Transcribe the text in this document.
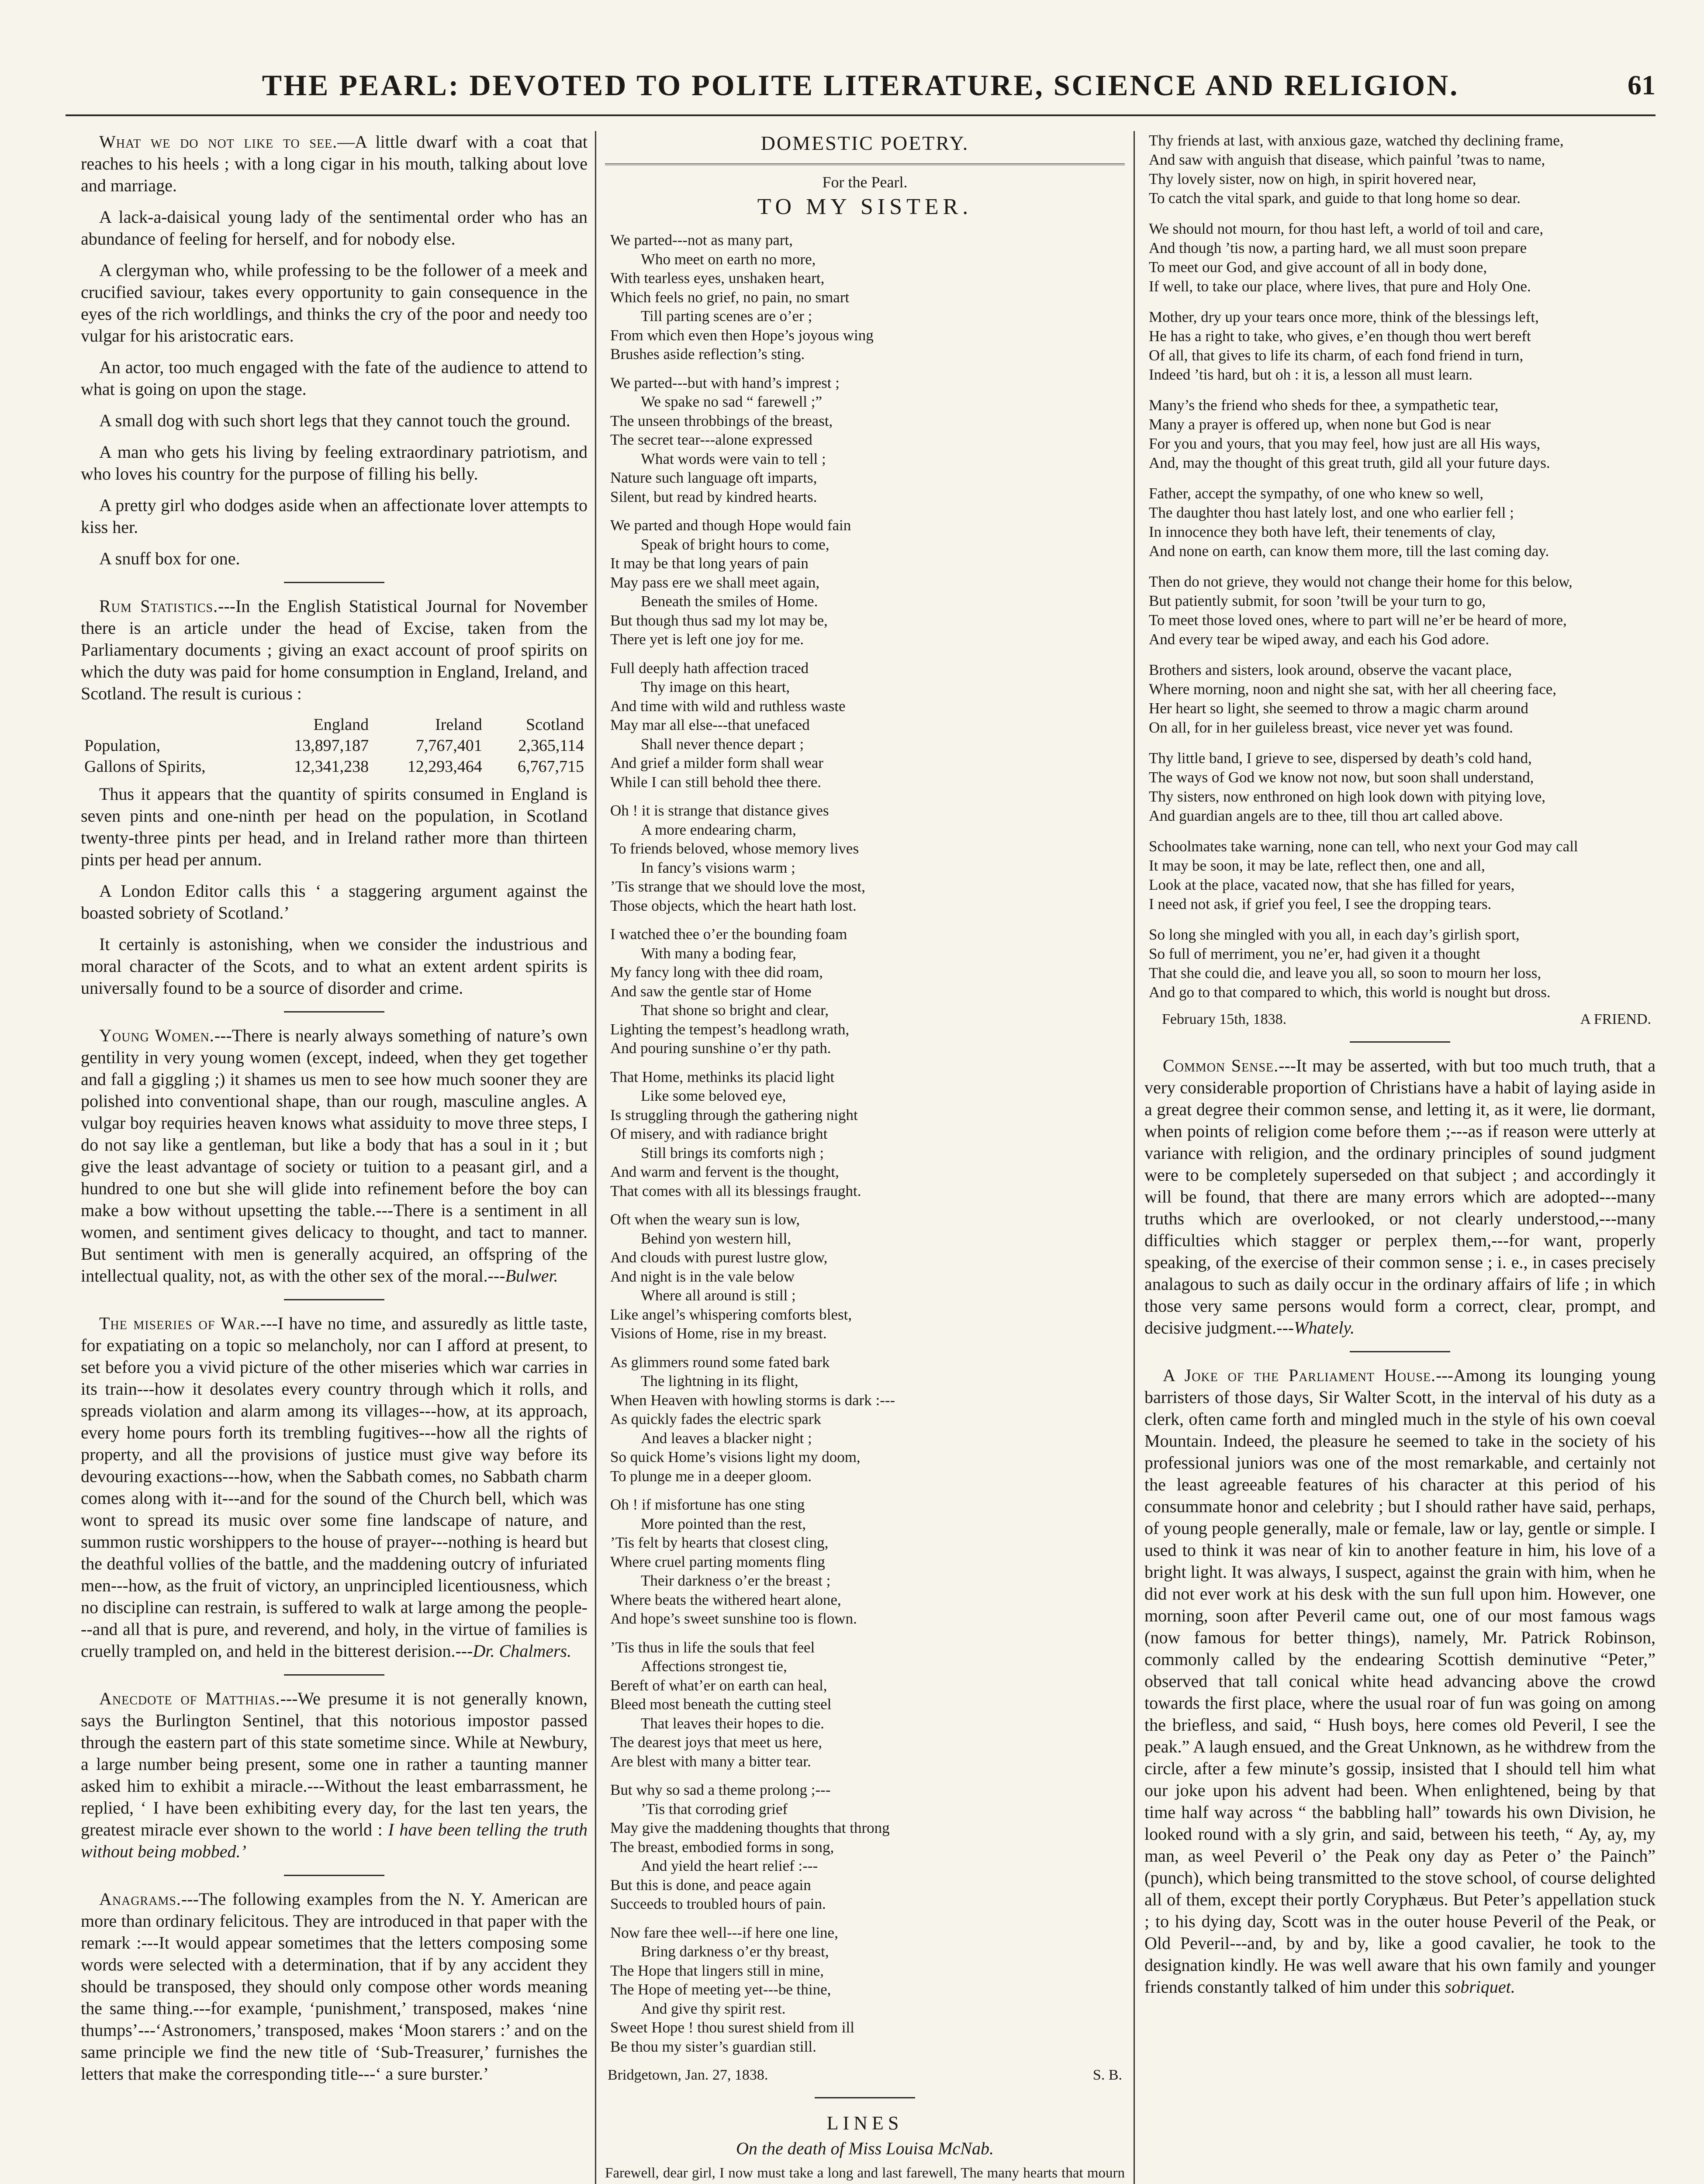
THE PEARL: DEVOTED TO POLITE LITERATURE, SCIENCE AND RELIGION.	61

What we do not like to see.—A little dwarf with a coat that reaches to his heels ; with a long cigar in his mouth, talking about love and marriage.

A lack-a-daisical young lady of the sentimental order who has an abundance of feeling for herself, and for nobody else.

A clergyman who, while professing to be the follower of a meek and crucified saviour, takes every opportunity to gain consequence in the eyes of the rich worldlings, and thinks the cry of the poor and needy too vulgar for his aristocratic ears.

An actor, too much engaged with the fate of the audience to attend to what is going on upon the stage.

A small dog with such short legs that they cannot touch the ground.

A man who gets his living by feeling extraordinary patriotism, and who loves his country for the purpose of filling his belly.

A pretty girl who dodges aside when an affectionate lover attempts to kiss her.

A snuff box for one.

Rum Statistics.---In the English Statistical Journal for November there is an article under the head of Excise, taken from the Parliamentary documents ; giving an exact account of proof spirits on which the duty was paid for home consumption in England, Ireland, and Scotland. The result is curious :

	England	Ireland	Scotland
Population,	13,897,187	7,767,401	2,365,114
Gallons of Spirits,	12,341,238	12,293,464	6,767,715

Thus it appears that the quantity of spirits consumed in England is seven pints and one-ninth per head on the population, in Scotland twenty-three pints per head, and in Ireland rather more than thirteen pints per head per annum.

A London Editor calls this ‘ a staggering argument against the boasted sobriety of Scotland.’

It certainly is astonishing, when we consider the industrious and moral character of the Scots, and to what an extent ardent spirits is universally found to be a source of disorder and crime.

Young Women.---There is nearly always something of nature’s own gentility in very young women (except, indeed, when they get together and fall a giggling ;) it shames us men to see how much sooner they are polished into conventional shape, than our rough, masculine angles. A vulgar boy requiries heaven knows what assiduity to move three steps, I do not say like a gentleman, but like a body that has a soul in it ; but give the least advantage of society or tuition to a peasant girl, and a hundred to one but she will glide into refinement before the boy can make a bow without upsetting the table.---There is a sentiment in all women, and sentiment gives delicacy to thought, and tact to manner. But sentiment with men is generally acquired, an offspring of the intellectual quality, not, as with the other sex of the moral.---Bulwer.

The miseries of War.---I have no time, and assuredly as little taste, for expatiating on a topic so melancholy, nor can I afford at present, to set before you a vivid picture of the other miseries which war carries in its train---how it desolates every country through which it rolls, and spreads violation and alarm among its villages---how, at its approach, every home pours forth its trembling fugitives---how all the rights of property, and all the provisions of justice must give way before its devouring exactions---how, when the Sabbath comes, no Sabbath charm comes along with it---and for the sound of the Church bell, which was wont to spread its music over some fine landscape of nature, and summon rustic worshippers to the house of prayer---nothing is heard but the deathful vollies of the battle, and the maddening outcry of infuriated men---how, as the fruit of victory, an unprincipled licentiousness, which no discipline can restrain, is suffered to walk at large among the people---and all that is pure, and reverend, and holy, in the virtue of families is cruelly trampled on, and held in the bitterest derision.---Dr. Chalmers.

Anecdote of Matthias.---We presume it is not generally known, says the Burlington Sentinel, that this notorious impostor passed through the eastern part of this state sometime since. While at Newbury, a large number being present, some one in rather a taunting manner asked him to exhibit a miracle.---Without the least embarrassment, he replied, ‘ I have been exhibiting every day, for the last ten years, the greatest miracle ever shown to the world : I have been telling the truth without being mobbed.’

Anagrams.---The following examples from the N. Y. American are more than ordinary felicitous. They are introduced in that paper with the remark :---It would appear sometimes that the letters composing some words were selected with a determination, that if by any accident they should be transposed, they should only compose other words meaning the same thing.---for example, ‘punishment,’ transposed, makes ‘nine thumps’---‘Astronomers,’ transposed, makes ‘Moon starers :’ and on the same principle we find the new title of ‘Sub-Treasurer,’ furnishes the letters that make the corresponding title---‘ a sure burster.’

DOMESTIC POETRY.
For the Pearl.
TO MY SISTER.
We parted---not as many part,
Who meet on earth no more,
With tearless eyes, unshaken heart,
Which feels no grief, no pain, no smart
Till parting scenes are o’er ;
From which even then Hope’s joyous wing
Brushes aside reflection’s sting.
We parted---but with hand’s imprest ;
We spake no sad “ farewell ;”
The unseen throbbings of the breast,
The secret tear---alone expressed
What words were vain to tell ;
Nature such language oft imparts,
Silent, but read by kindred hearts.
We parted and though Hope would fain
Speak of bright hours to come,
It may be that long years of pain
May pass ere we shall meet again,
Beneath the smiles of Home.
But though thus sad my lot may be,
There yet is left one joy for me.
Full deeply hath affection traced
Thy image on this heart,
And time with wild and ruthless waste
May mar all else---that unefaced
Shall never thence depart ;
And grief a milder form shall wear
While I can still behold thee there.
Oh ! it is strange that distance gives
A more endearing charm,
To friends beloved, whose memory lives
In fancy’s visions warm ;
’Tis strange that we should love the most,
Those objects, which the heart hath lost.
I watched thee o’er the bounding foam
With many a boding fear,
My fancy long with thee did roam,
And saw the gentle star of Home
That shone so bright and clear,
Lighting the tempest’s headlong wrath,
And pouring sunshine o’er thy path.
That Home, methinks its placid light
Like some beloved eye,
Is struggling through the gathering night
Of misery, and with radiance bright
Still brings its comforts nigh ;
And warm and fervent is the thought,
That comes with all its blessings fraught.
Oft when the weary sun is low,
Behind yon western hill,
And clouds with purest lustre glow,
And night is in the vale below
Where all around is still ;
Like angel’s whispering comforts blest,
Visions of Home, rise in my breast.
As glimmers round some fated bark
The lightning in its flight,
When Heaven with howling storms is dark :---
As quickly fades the electric spark
And leaves a blacker night ;
So quick Home’s visions light my doom,
To plunge me in a deeper gloom.
Oh ! if misfortune has one sting
More pointed than the rest,
’Tis felt by hearts that closest cling,
Where cruel parting moments fling
Their darkness o’er the breast ;
Where beats the withered heart alone,
And hope’s sweet sunshine too is flown.
’Tis thus in life the souls that feel
Affections strongest tie,
Bereft of what’er on earth can heal,
Bleed most beneath the cutting steel
That leaves their hopes to die.
The dearest joys that meet us here,
Are blest with many a bitter tear.
But why so sad a theme prolong ;---
’Tis that corroding grief
May give the maddening thoughts that throng
The breast, embodied forms in song,
And yield the heart relief :---
But this is done, and peace again
Succeeds to troubled hours of pain.
Now fare thee well---if here one line,
Bring darkness o’er thy breast,
The Hope that lingers still in mine,
The Hope of meeting yet---be thine,
And give thy spirit rest.
Sweet Hope ! thou surest shield from ill
Be thou my sister’s guardian still.
Bridgetown, Jan. 27, 1838.	S. B.
LINES
On the death of Miss Louisa McNab.
Farewell, dear girl, I now must take a long and last farewell, The many hearts that mourn
Thy friends at last, with anxious gaze, watched thy declining frame,
And saw with anguish that disease, which painful ’twas to name,
Thy lovely sister, now on high, in spirit hovered near,
To catch the vital spark, and guide to that long home so dear.
We should not mourn, for thou hast left, a world of toil and care,
And though ’tis now, a parting hard, we all must soon prepare
To meet our God, and give account of all in body done,
If well, to take our place, where lives, that pure and Holy One.
Mother, dry up your tears once more, think of the blessings left,
He has a right to take, who gives, e’en though thou wert bereft
Of all, that gives to life its charm, of each fond friend in turn,
Indeed ’tis hard, but oh : it is, a lesson all must learn.
Many’s the friend who sheds for thee, a sympathetic tear,
Many a prayer is offered up, when none but God is near
For you and yours, that you may feel, how just are all His ways,
And, may the thought of this great truth, gild all your future days.
Father, accept the sympathy, of one who knew so well,
The daughter thou hast lately lost, and one who earlier fell ;
In innocence they both have left, their tenements of clay,
And none on earth, can know them more, till the last coming day.
Then do not grieve, they would not change their home for this below,
But patiently submit, for soon ’twill be your turn to go,
To meet those loved ones, where to part will ne’er be heard of more,
And every tear be wiped away, and each his God adore.
Brothers and sisters, look around, observe the vacant place,
Where morning, noon and night she sat, with her all cheering face,
Her heart so light, she seemed to throw a magic charm around
On all, for in her guileless breast, vice never yet was found.
Thy little band, I grieve to see, dispersed by death’s cold hand,
The ways of God we know not now, but soon shall understand,
Thy sisters, now enthroned on high look down with pitying love,
And guardian angels are to thee, till thou art called above.
Schoolmates take warning, none can tell, who next your God may call
It may be soon, it may be late, reflect then, one and all,
Look at the place, vacated now, that she has filled for years,
I need not ask, if grief you feel, I see the dropping tears.
So long she mingled with you all, in each day’s girlish sport,
So full of merriment, you ne’er, had given it a thought
That she could die, and leave you all, so soon to mourn her loss,
And go to that compared to which, this world is nought but dross.
February 15th, 1838.	A FRIEND.

Common Sense.---It may be asserted, with but too much truth, that a very considerable proportion of Christians have a habit of laying aside in a great degree their common sense, and letting it, as it were, lie dormant, when points of religion come before them ;---as if reason were utterly at variance with religion, and the ordinary principles of sound judgment were to be completely superseded on that subject ; and accordingly it will be found, that there are many errors which are adopted---many truths which are overlooked, or not clearly understood,---many difficulties which stagger or perplex them,---for want, properly speaking, of the exercise of their common sense ; i. e., in cases precisely analagous to such as daily occur in the ordinary affairs of life ; in which those very same persons would form a correct, clear, prompt, and decisive judgment.---Whately.

A Joke of the Parliament House.---Among its lounging young barristers of those days, Sir Walter Scott, in the interval of his duty as a clerk, often came forth and mingled much in the style of his own coeval Mountain. Indeed, the pleasure he seemed to take in the society of his professional juniors was one of the most remarkable, and certainly not the least agreeable features of his character at this period of his consummate honor and celebrity ; but I should rather have said, perhaps, of young people generally, male or female, law or lay, gentle or simple. I used to think it was near of kin to another feature in him, his love of a bright light. It was always, I suspect, against the grain with him, when he did not ever work at his desk with the sun full upon him. However, one morning, soon after Peveril came out, one of our most famous wags (now famous for better things), namely, Mr. Patrick Robinson, commonly called by the endearing Scottish deminutive “Peter,” observed that tall conical white head advancing above the crowd towards the first place, where the usual roar of fun was going on among the briefless, and said, “ Hush boys, here comes old Peveril, I see the peak.” A laugh ensued, and the Great Unknown, as he withdrew from the circle, after a few minute’s gossip, insisted that I should tell him what our joke upon his advent had been. When enlightened, being by that time half way across “ the babbling hall” towards his own Division, he looked round with a sly grin, and said, between his teeth, “ Ay, ay, my man, as weel Peveril o’ the Peak ony day as Peter o’ the Painch” (punch), which being transmitted to the stove school, of course delighted all of them, except their portly Coryphæus. But Peter’s appellation stuck ; to his dying day, Scott was in the outer house Peveril of the Peak, or Old Peveril---and, by and by, like a good cavalier, he took to the designation kindly. He was well aware that his own family and younger friends constantly talked of him under this sobriquet.
